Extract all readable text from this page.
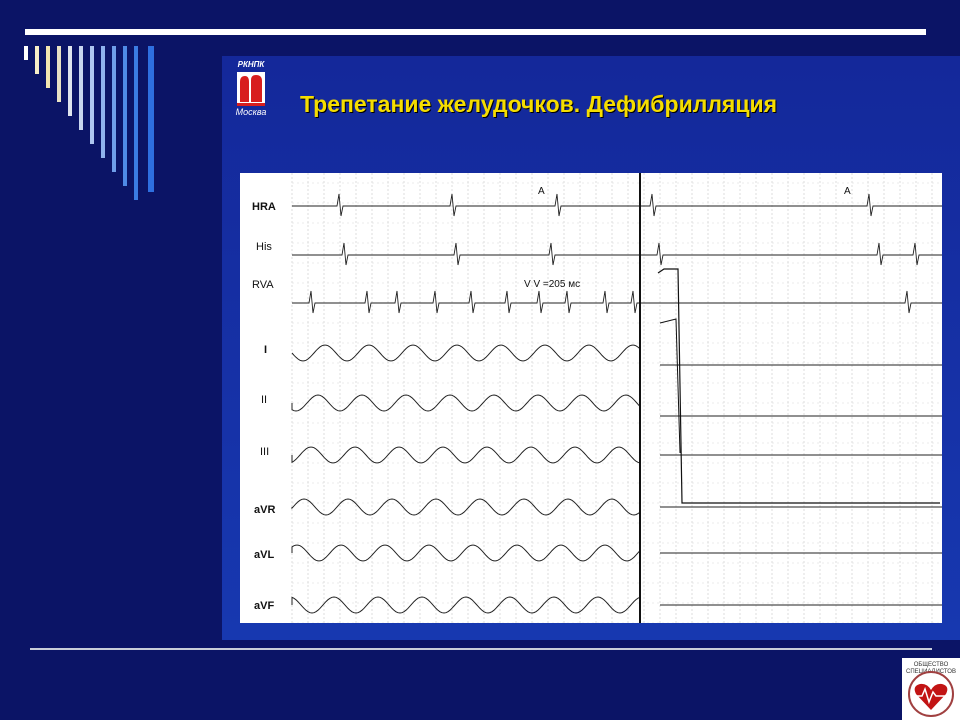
РКНПК
Москва Трепетание желудочков. Дефибрилляция
HRA
His
RVA
I
II
III
aVR
aVL
aVF
V V =205 мс
A	A
ОБЩЕСТВО СПЕЦИАЛИСТОВ
